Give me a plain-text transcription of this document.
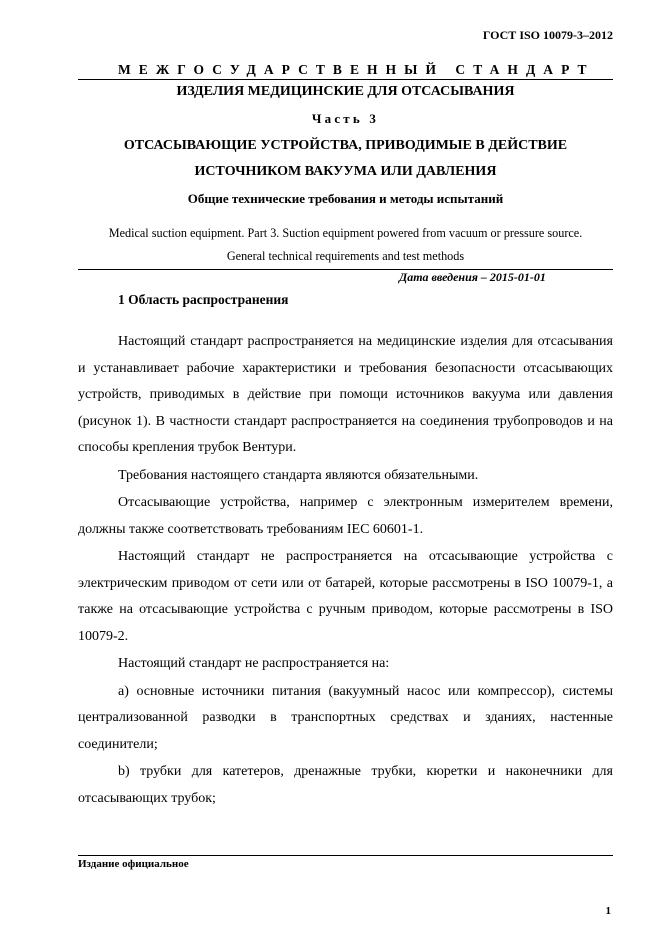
ГОСТ ISO 10079-3–2012
МЕЖГОСУДАРСТВЕННЫЙ СТАНДАРТ
ИЗДЕЛИЯ МЕДИЦИНСКИЕ ДЛЯ ОТСАСЫВАНИЯ
Часть 3
ОТСАСЫВАЮЩИЕ УСТРОЙСТВА, ПРИВОДИМЫЕ В ДЕЙСТВИЕ
ИСТОЧНИКОМ ВАКУУМА ИЛИ ДАВЛЕНИЯ
Общие технические требования и методы испытаний
Medical suction equipment. Part 3. Suction equipment powered from vacuum or pressure source.
General technical requirements and test methods
Дата введения – 2015-01-01
1 Область распространения

Настоящий стандарт распространяется на медицинские изделия для отсасывания и устанавливает рабочие характеристики и требования безопасности отсасывающих устройств, приводимых в действие при помощи источников вакуума или давления (рисунок 1). В частности стандарт распространяется на соединения трубопроводов и на способы крепления трубок Вентури.

Требования настоящего стандарта являются обязательными.

Отсасывающие устройства, например с электронным измерителем времени, должны также соответствовать требованиям IEC 60601-1.

Настоящий стандарт не распространяется на отсасывающие устройства с электрическим приводом от сети или от батарей, которые рассмотрены в ISO 10079-1, а также на отсасывающие устройства с ручным приводом, которые рассмотрены в ISO 10079-2.

Настоящий стандарт не распространяется на:

а) основные источники питания (вакуумный насос или компрессор), системы централизованной разводки в транспортных средствах и зданиях, настенные соединители;

b) трубки для катетеров, дренажные трубки, кюретки и наконечники для отсасывающих трубок;

Издание официальное
1
